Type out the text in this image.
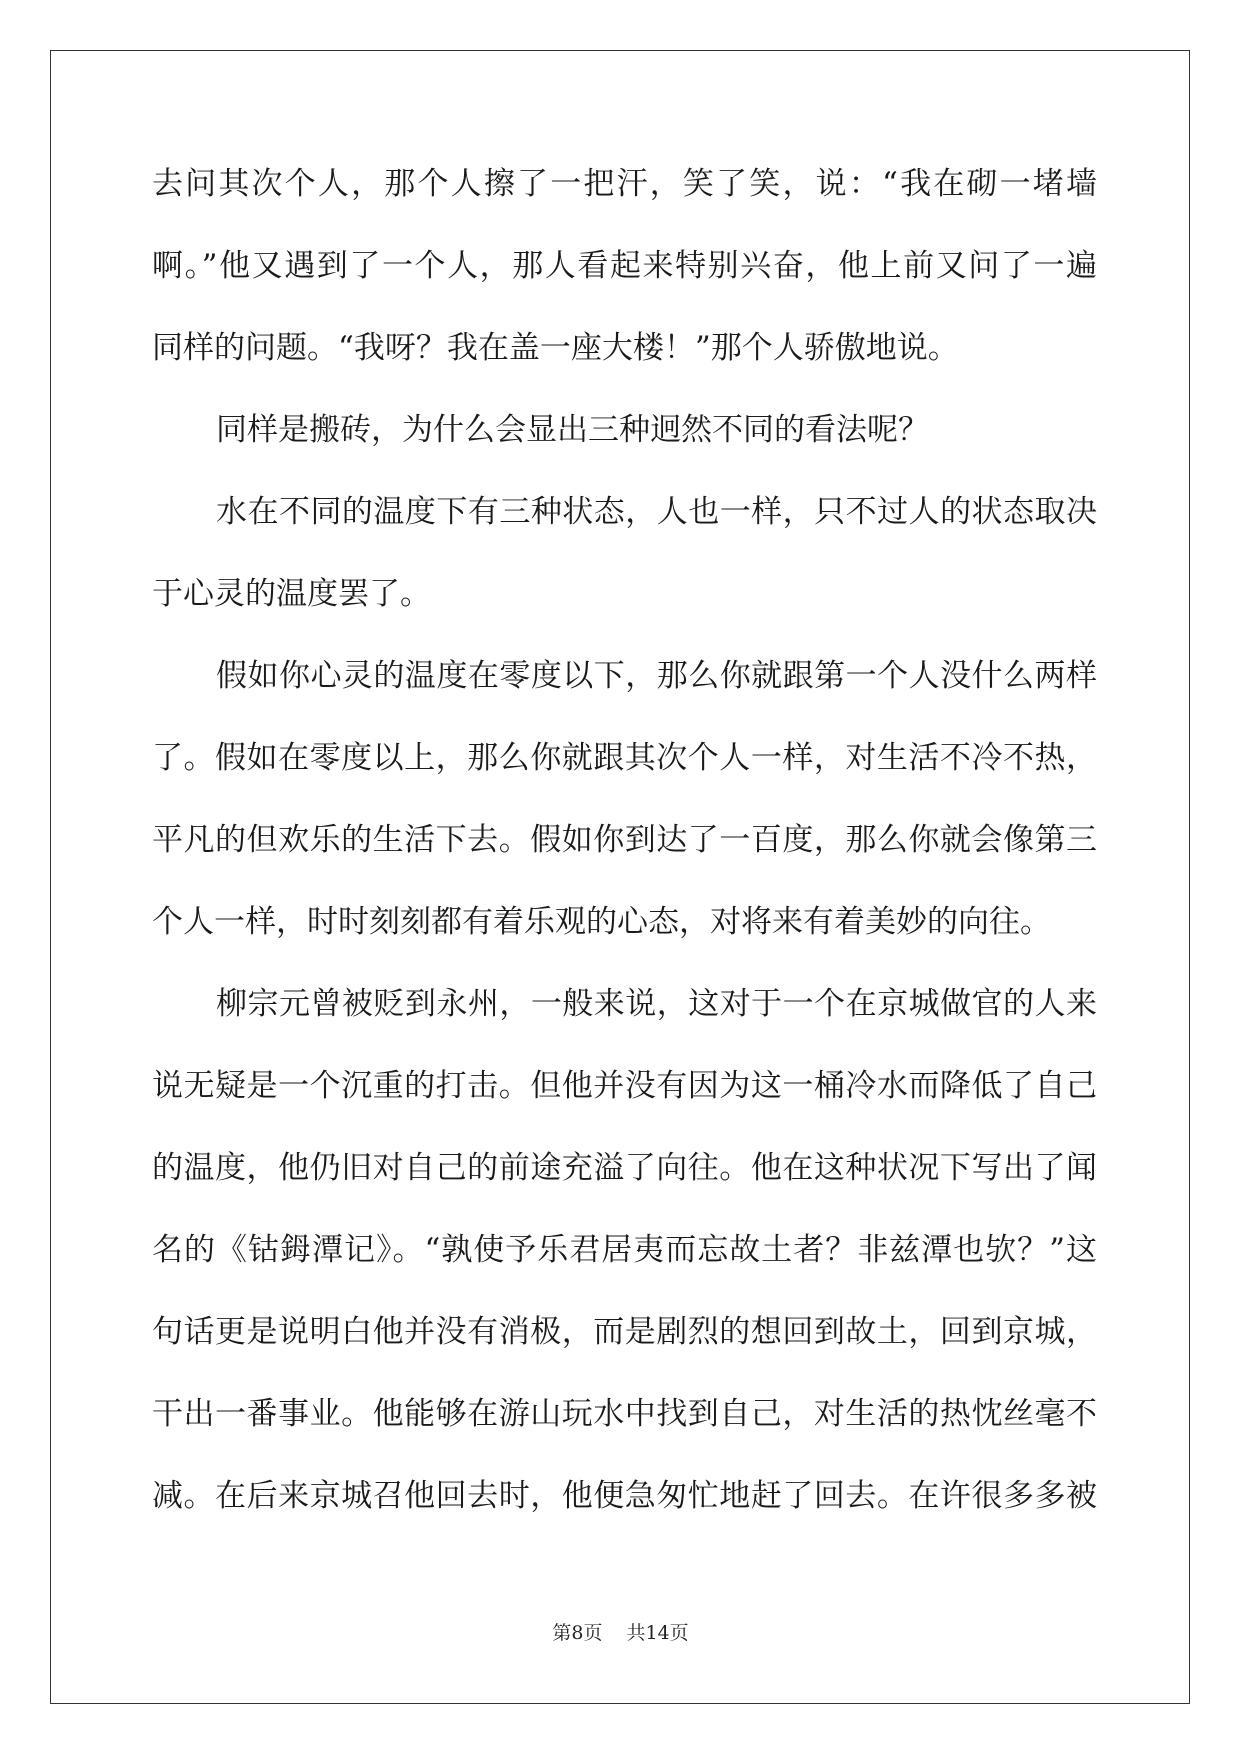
去问其次个人，那个人擦了一把汗，笑了笑，说：“我在砌一堵墙
啊。”他又遇到了一个人，那人看起来特别兴奋，他上前又问了一遍
同样的问题。“我呀？我在盖一座大楼！”那个人骄傲地说。
同样是搬砖，为什么会显出三种迥然不同的看法呢？
水在不同的温度下有三种状态，人也一样，只不过人的状态取决
于心灵的温度罢了。
假如你心灵的温度在零度以下，那么你就跟第一个人没什么两样
了。假如在零度以上，那么你就跟其次个人一样，对生活不冷不热，
平凡的但欢乐的生活下去。假如你到达了一百度，那么你就会像第三
个人一样，时时刻刻都有着乐观的心态，对将来有着美妙的向往。
柳宗元曾被贬到永州，一般来说，这对于一个在京城做官的人来
说无疑是一个沉重的打击。但他并没有因为这一桶冷水而降低了自己
的温度，他仍旧对自己的前途充溢了向往。他在这种状况下写出了闻
名的《钴鉧潭记》。“孰使予乐君居夷而忘故土者？非兹潭也欤？”这
句话更是说明白他并没有消极，而是剧烈的想回到故土，回到京城，
干出一番事业。他能够在游山玩水中找到自己，对生活的热忱丝毫不
减。在后来京城召他回去时，他便急匆忙地赶了回去。在许很多多被
第8页 共14页
